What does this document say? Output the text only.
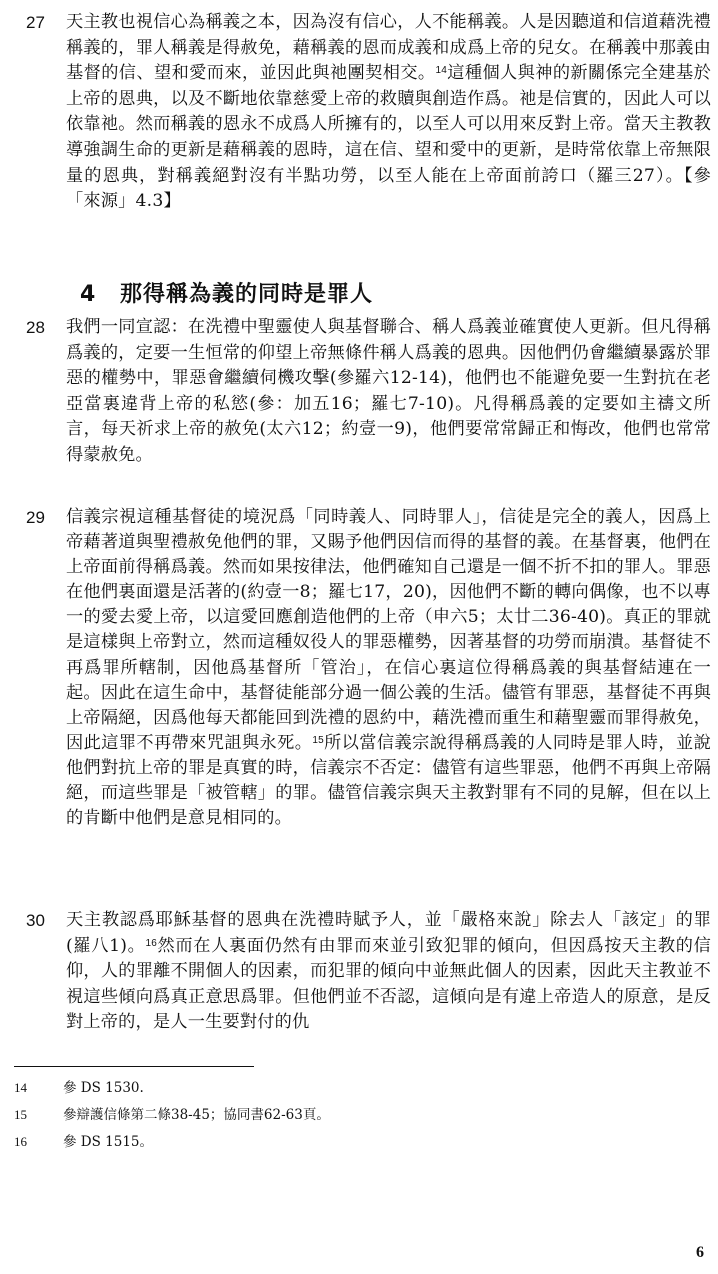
27 天主教也視信心為稱義之本，因為沒有信心，人不能稱義。人是因聽道和信道藉洗禮稱義的，罪人稱義是得赦免，藉稱義的恩而成義和成爲上帝的兒女。在稱義中那義由基督的信、望和愛而來，並因此與祂團契相交。$^{14}$這種個人與神的新關係完全建基於上帝的恩典，以及不斷地依靠慈愛上帝的救贖與創造作爲。祂是信實的，因此人可以依靠祂。然而稱義的恩永不成爲人所擁有的，以至人可以用來反對上帝。當天主教教導強調生命的更新是藉稱義的恩時，這在信、望和愛中的更新，是時常依靠上帝無限量的恩典，對稱義絕對沒有半點功勞，以至人能在上帝面前誇口（羅三27）。【參「來源」4.3】

4 那得稱為義的同時是罪人
28 我們一同宣認：在洗禮中聖靈使人與基督聯合、稱人爲義並確實使人更新。但凡得稱爲義的，定要一生恒常的仰望上帝無條件稱人爲義的恩典。因他們仍會繼續暴露於罪惡的權勢中，罪惡會繼續伺機攻擊(參羅六12-14)，他們也不能避免要一生對抗在老亞當裏違背上帝的私慾(參：加五16；羅七7-10)。凡得稱爲義的定要如主禱文所言，每天祈求上帝的赦免(太六12；約壹一9)，他們要常常歸正和悔改，他們也常常得蒙赦免。

29 信義宗視這種基督徒的境況爲「同時義人、同時罪人」，信徒是完全的義人，因爲上帝藉著道與聖禮赦免他們的罪，又賜予他們因信而得的基督的義。在基督裏，他們在上帝面前得稱爲義。然而如果按律法，他們確知自己還是一個不折不扣的罪人。罪惡在他們裏面還是活著的(約壹一8；羅七17，20)，因他們不斷的轉向偶像，也不以專一的愛去愛上帝，以這愛回應創造他們的上帝（申六5；太廿二36-40)。真正的罪就是這樣與上帝對立，然而這種奴役人的罪惡權勢，因著基督的功勞而崩潰。基督徒不再爲罪所轄制，因他爲基督所「管治」，在信心裏這位得稱爲義的與基督結連在一起。因此在這生命中，基督徒能部分過一個公義的生活。儘管有罪惡，基督徒不再與上帝隔絕，因爲他每天都能回到洗禮的恩約中，藉洗禮而重生和藉聖靈而罪得赦免，因此這罪不再帶來咒詛與永死。$^{15}$所以當信義宗說得稱爲義的人同時是罪人時，並說他們對抗上帝的罪是真實的時，信義宗不否定：儘管有這些罪惡，他們不再與上帝隔絕，而這些罪是「被管轄」的罪。儘管信義宗與天主教對罪有不同的見解，但在以上的肯斷中他們是意見相同的。

30 天主教認爲耶穌基督的恩典在洗禮時賦予人，並「嚴格來說」除去人「該定」的罪(羅八1)。$^{16}$然而在人裏面仍然有由罪而來並引致犯罪的傾向，但因爲按天主教的信仰，人的罪離不開個人的因素，而犯罪的傾向中並無此個人的因素，因此天主教並不視這些傾向爲真正意思爲罪。但他們並不否認，這傾向是有違上帝造人的原意，是反對上帝的，是人一生要對付的仇

14	參 DS 1530.
15	參辯護信條第二條38-45；協同書62-63頁。
16	參 DS 1515。
6
